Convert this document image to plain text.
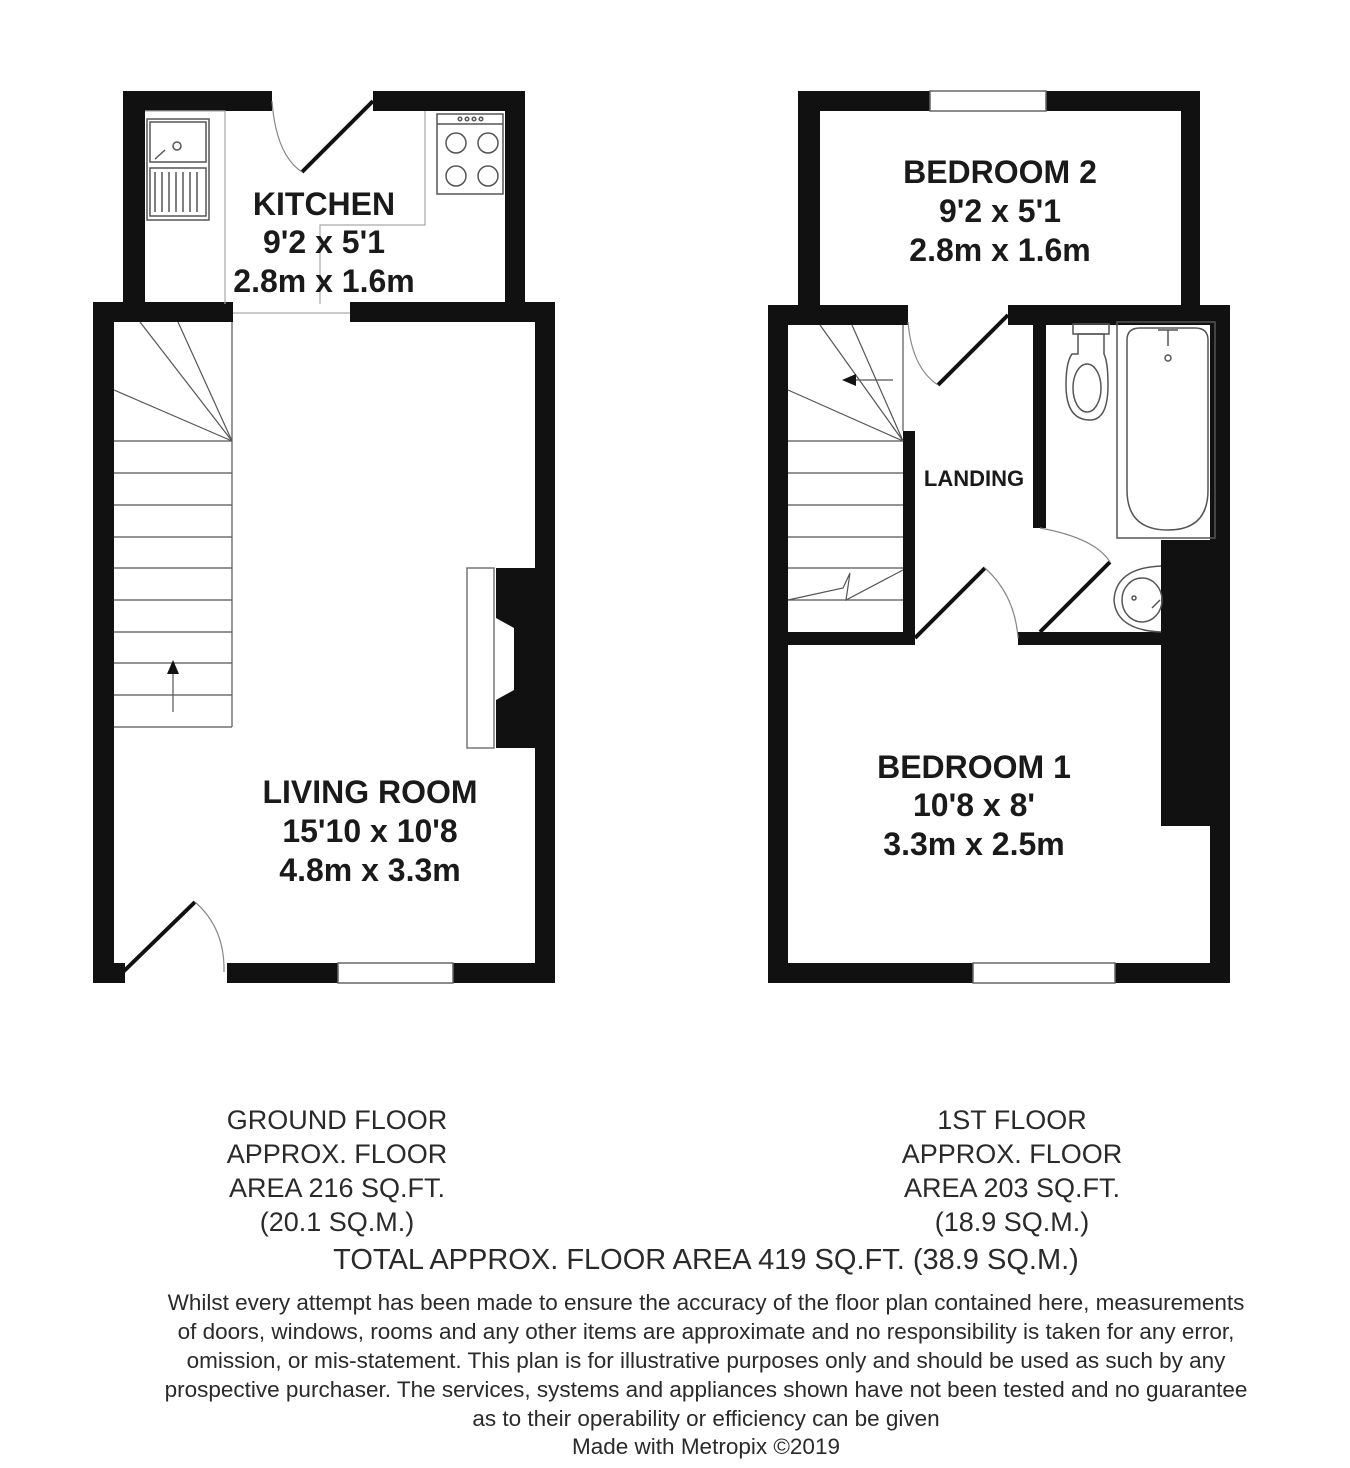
KITCHEN
9'2 x 5'1
2.8m x 1.6m
LIVING ROOM
15'10 x 10'8
4.8m x 3.3m
BEDROOM 2
9'2 x 5'1
2.8m x 1.6m
LANDING
BEDROOM 1
10'8 x 8'
3.3m x 2.5m
GROUND FLOOR
APPROX. FLOOR
AREA 216 SQ.FT.
(20.1 SQ.M.)
1ST FLOOR
APPROX. FLOOR
AREA 203 SQ.FT.
(18.9 SQ.M.)
TOTAL APPROX. FLOOR AREA 419 SQ.FT. (38.9 SQ.M.)
Whilst every attempt has been made to ensure the accuracy of the floor plan contained here, measurements
of doors, windows, rooms and any other items are approximate and no responsibility is taken for any error,
omission, or mis-statement. This plan is for illustrative purposes only and should be used as such by any
prospective purchaser. The services, systems and appliances shown have not been tested and no guarantee
as to their operability or efficiency can be given
Made with Metropix ©2019
